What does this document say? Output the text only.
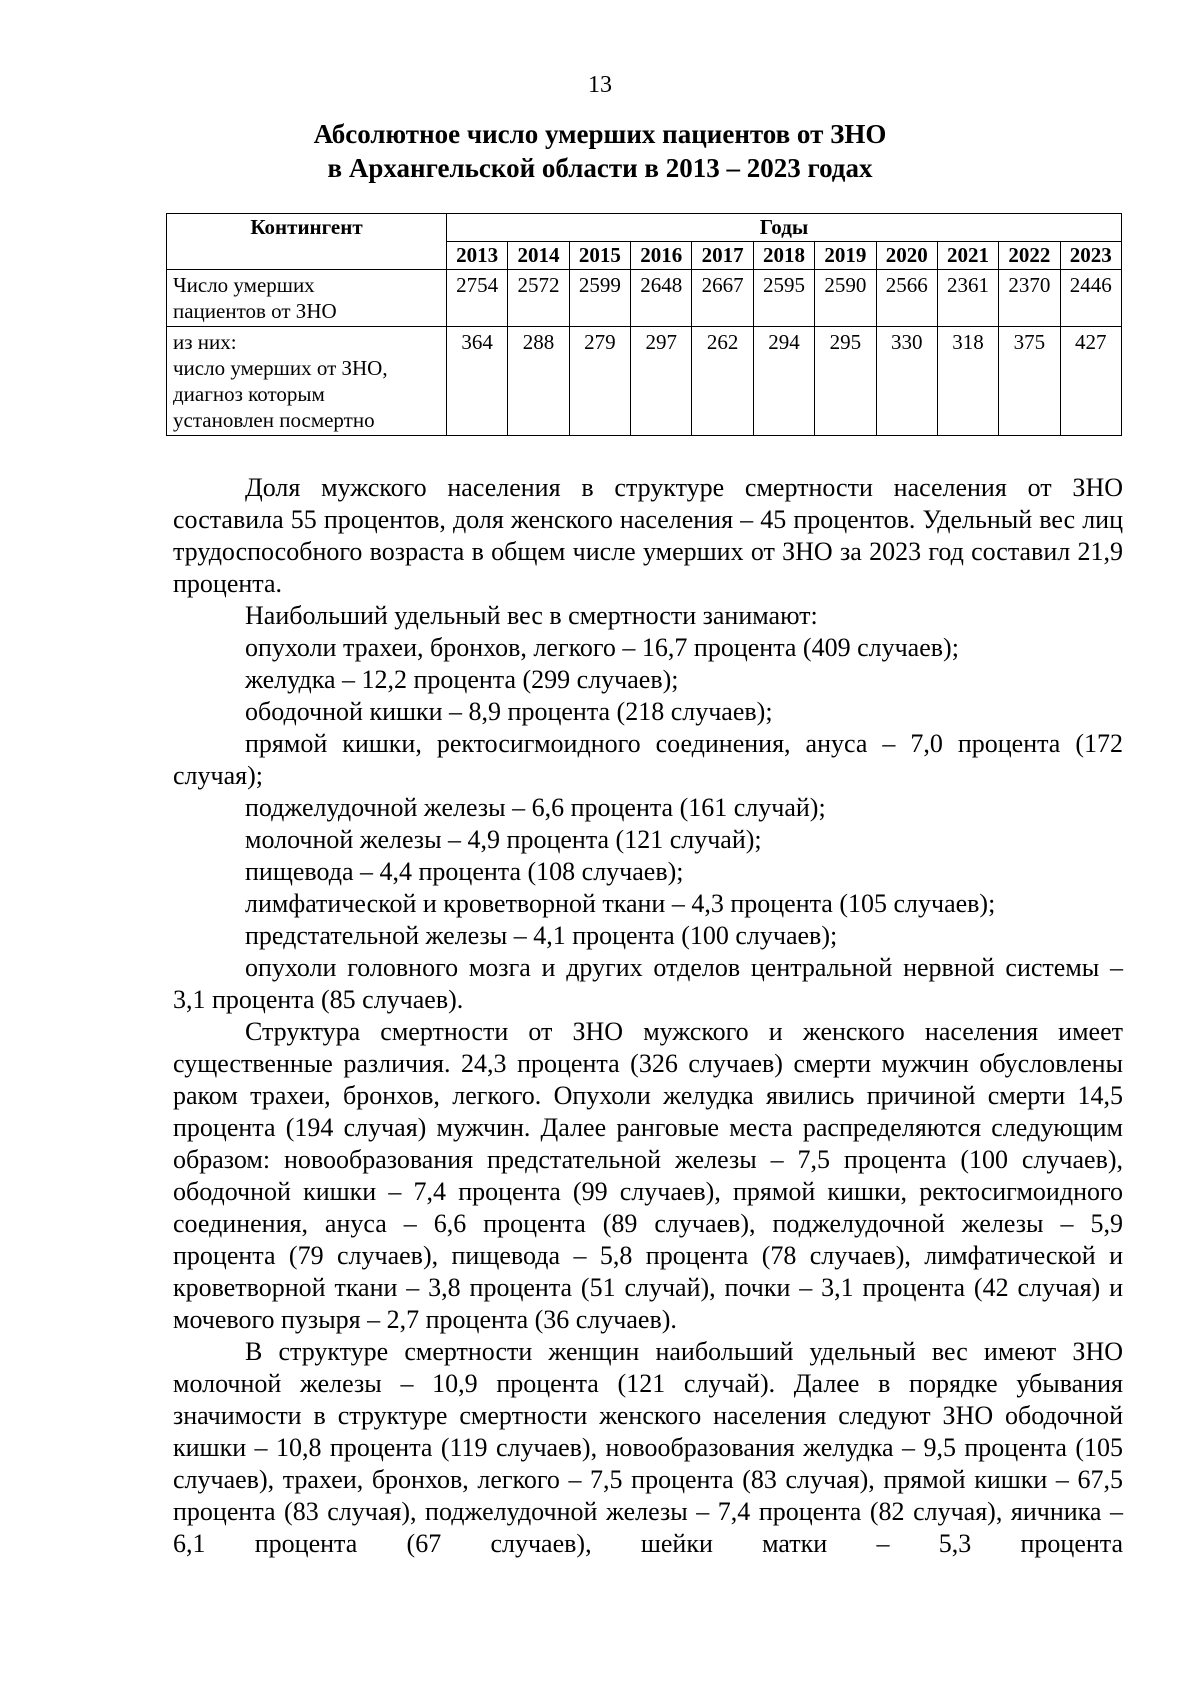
13
Абсолютное число умерших пациентов от ЗНО
в Архангельской области в 2013 – 2023 годах
Контингент	Годы										
	2013	2014	2015	2016	2017	2018	2019	2020	2021	2022	2023

Число умерших
пациентов от ЗНО	2754	2572	2599	2648	2667	2595	2590	2566	2361	2370	2446

из них:
число умерших от ЗНО,
диагноз которым
установлен посмертно	364	288	279	297	262	294	295	330	318	375	427
Доля мужского населения в структуре смертности населения от ЗНО составила 55 процентов, доля женского населения – 45 процентов. Удельный вес лиц трудоспособного возраста в общем числе умерших от ЗНО за 2023 год составил 21,9 процента.
Наибольший удельный вес в смертности занимают:
опухоли трахеи, бронхов, легкого – 16,7 процента (409 случаев);
желудка – 12,2 процента (299 случаев);
ободочной кишки – 8,9 процента (218 случаев);
прямой кишки, ректосигмоидного соединения, ануса – 7,0 процента (172 случая);
поджелудочной железы – 6,6 процента (161 случай);
молочной железы – 4,9 процента (121 случай);
пищевода – 4,4 процента (108 случаев);
лимфатической и кроветворной ткани – 4,3 процента (105 случаев);
предстательной железы – 4,1 процента (100 случаев);
опухоли головного мозга и других отделов центральной нервной системы – 3,1 процента (85 случаев).
Структура смертности от ЗНО мужского и женского населения имеет существенные различия. 24,3 процента (326 случаев) смерти мужчин обусловлены раком трахеи, бронхов, легкого. Опухоли желудка явились причиной смерти 14,5 процента (194 случая) мужчин. Далее ранговые места распределяются следующим образом: новообразования предстательной железы – 7,5 процента (100 случаев), ободочной кишки – 7,4 процента (99 случаев), прямой кишки, ректосигмоидного соединения, ануса – 6,6 процента (89 случаев), поджелудочной железы – 5,9 процента (79 случаев), пищевода – 5,8 процента (78 случаев), лимфатической и кроветворной ткани – 3,8 процента (51 случай), почки – 3,1 процента (42 случая) и мочевого пузыря – 2,7 процента (36 случаев).
В структуре смертности женщин наибольший удельный вес имеют ЗНО молочной железы – 10,9 процента (121 случай). Далее в порядке убывания значимости в структуре смертности женского населения следуют ЗНО ободочной кишки – 10,8 процента (119 случаев), новообразования желудка – 9,5 процента (105 случаев), трахеи, бронхов, легкого – 7,5 процента (83 случая), прямой кишки – 67,5 процента (83 случая), поджелудочной железы – 7,4 процента (82 случая), яичника – 6,1 процента (67 случаев), шейки матки – 5,3 процента
